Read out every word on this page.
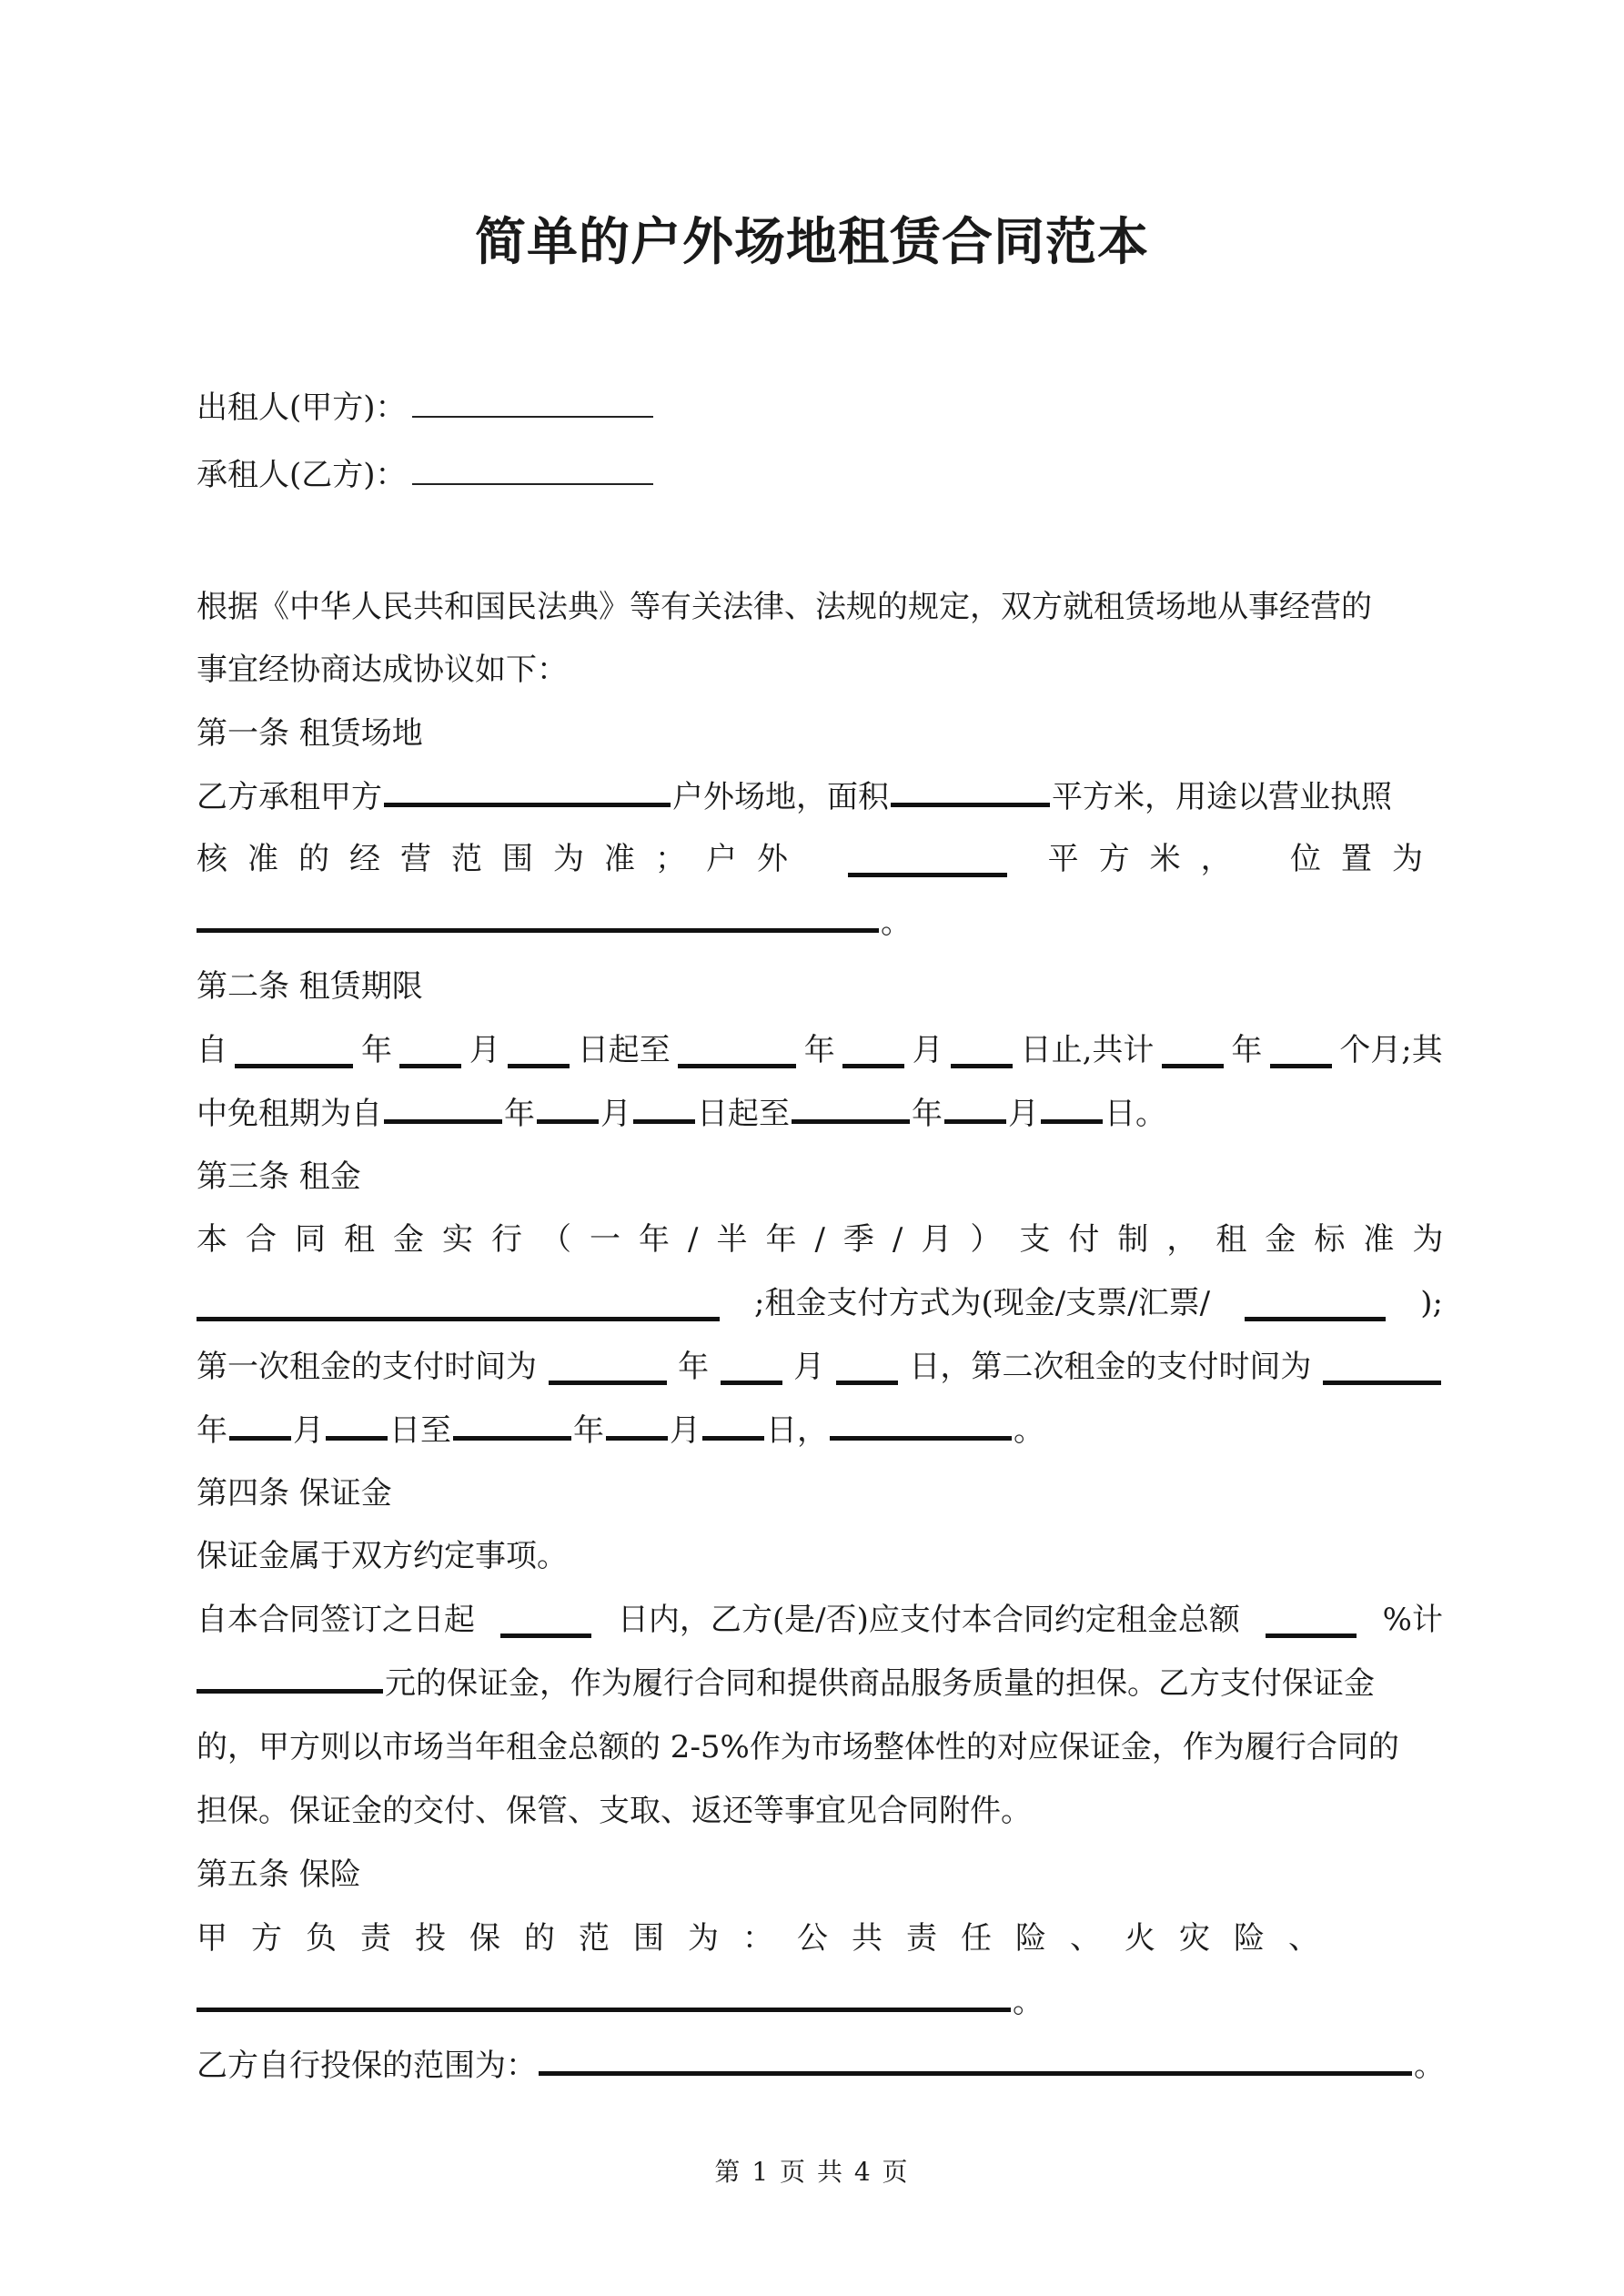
简单的户外场地租赁合同范本
出租人(甲方)：
承租人(乙方)：
根据《中华人民共和国民法典》等有关法律、法规的规定，双方就租赁场地从事经营的
事宜经协商达成协议如下：
第一条 租赁场地
乙方承租甲方	户外场地，面积	平方米，用途以营业执照
核准的经营范围为准；户外	平方米， 位置为
。
第二条 租赁期限
自	年 月 日起至	年 月 日止,共计 年 个月;其
中免租期为自	年 月 日起至	年 月 日。
第三条 租金
本合同租金实行（一年/半年/季/月）支付制， 租金标准为
;租金支付方式为(现金/支票/汇票/	);
第一次租金的支付时间为	年	月	日，第二次租金的支付时间为
年 月 日至	年 月 日，	。
第四条 保证金
保证金属于双方约定事项。
自本合同签订之日起	日内，乙方(是/否)应支付本合同约定租金总额	%计
元的保证金，作为履行合同和提供商品服务质量的担保。乙方支付保证金
的，甲方则以市场当年租金总额的 2-5%作为市场整体性的对应保证金，作为履行合同的
担保。保证金的交付、保管、支取、返还等事宜见合同附件。
第五条 保险
甲方负责投保的范围为：公共责任险、火灾险、
。
乙方自行投保的范围为：	。
第 1 页 共 4 页
